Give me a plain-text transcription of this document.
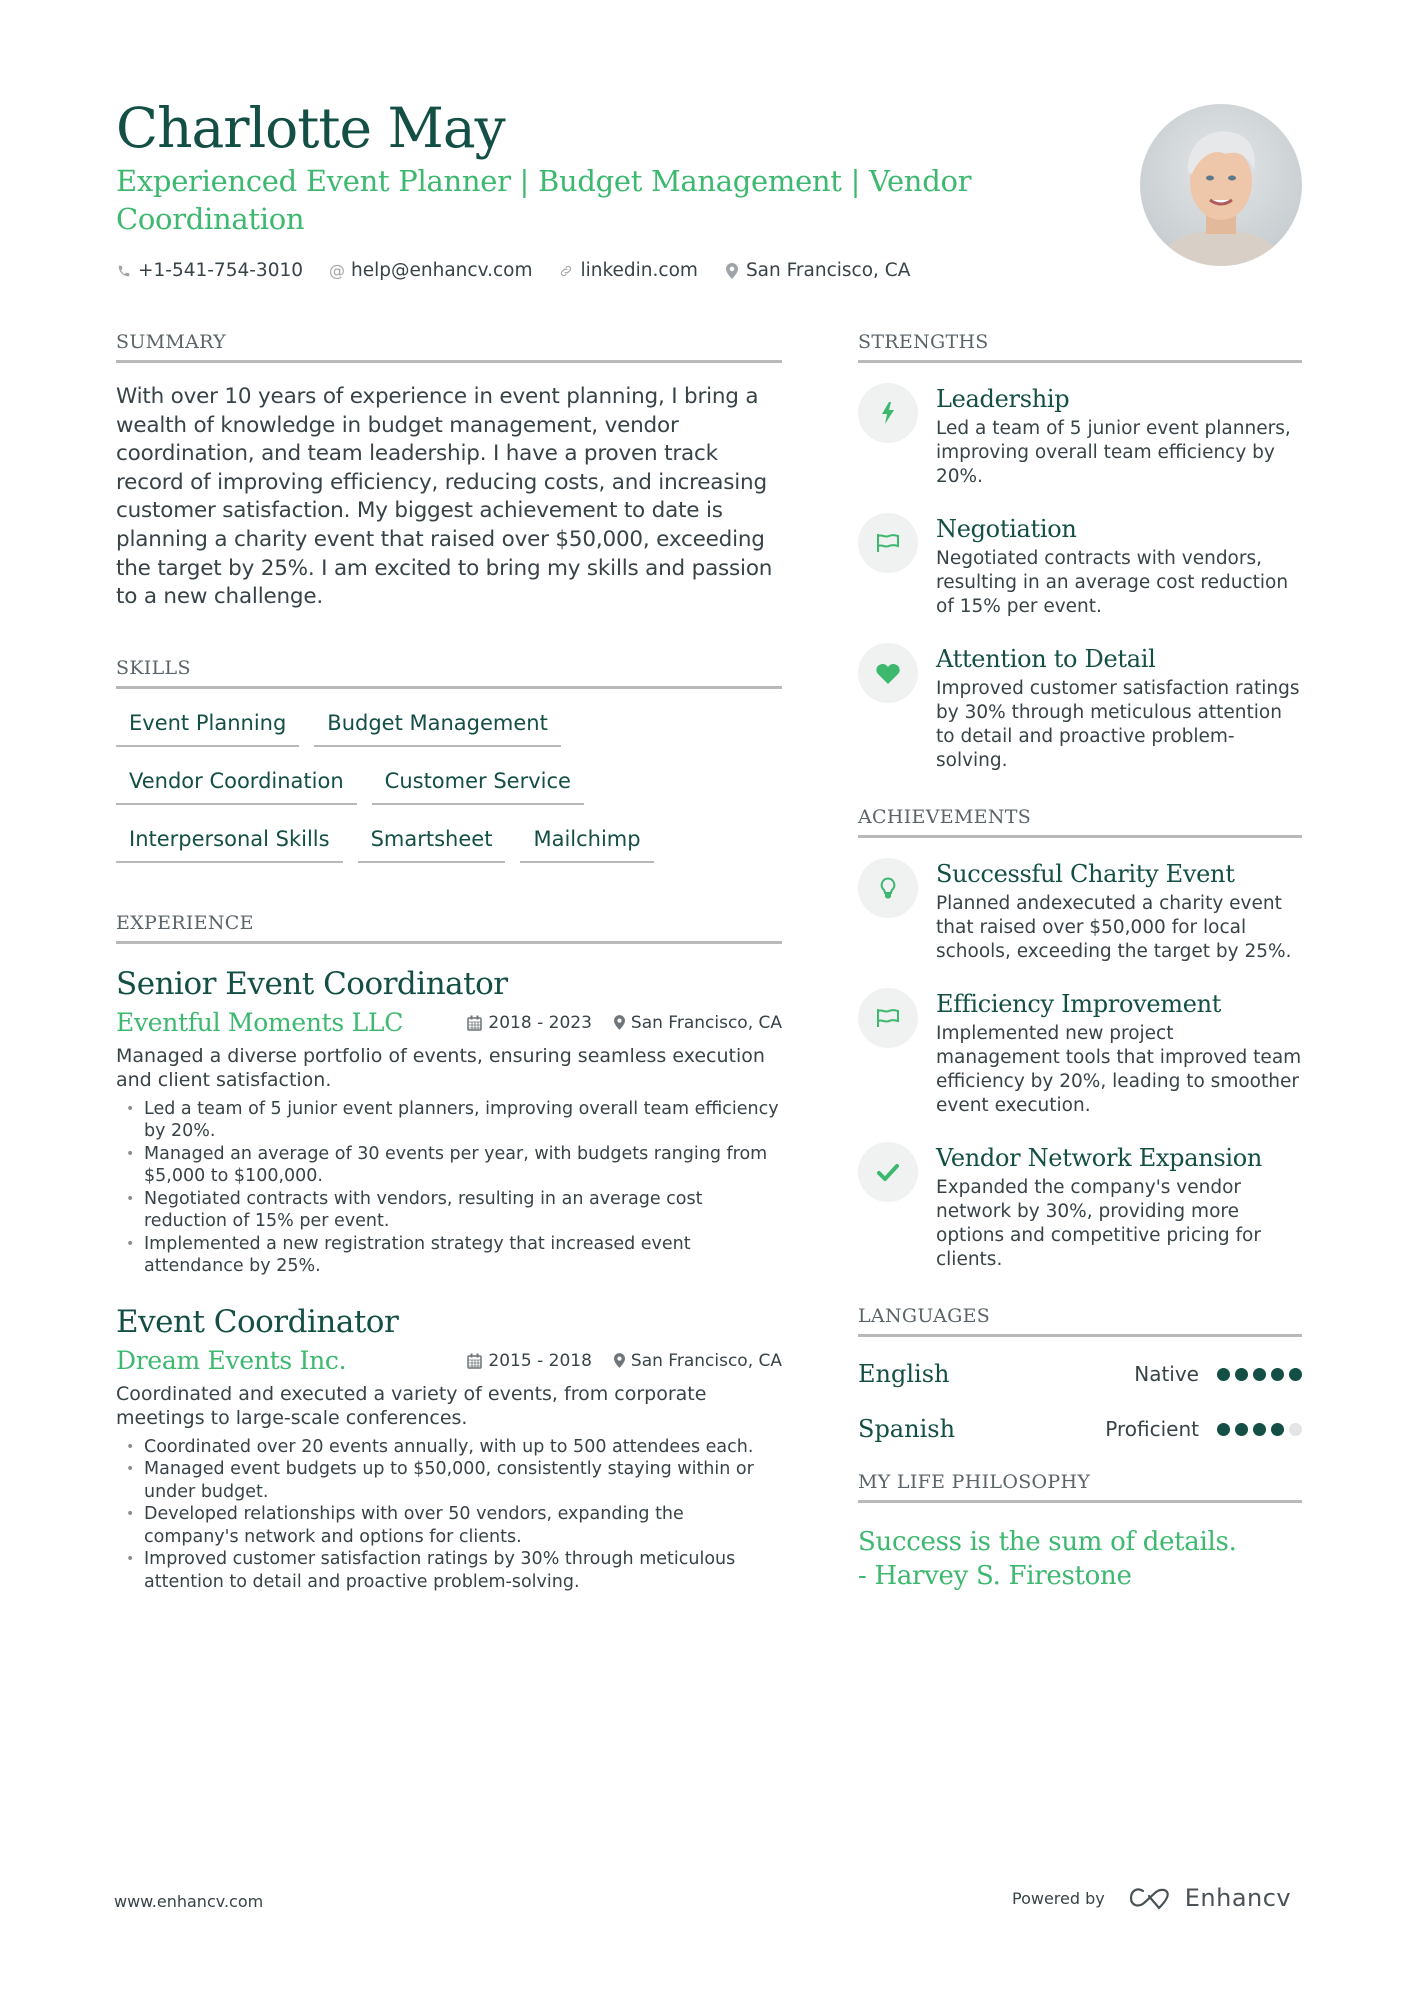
Charlotte May
Experienced Event Planner | Budget Management | Vendor Coordination
+1-541-754-3010 @ help@enhancv.com	linkedin.com	San Francisco, CA
SUMMARY

With over 10 years of experience in event planning, I bring a wealth of knowledge in budget management, vendor coordination, and team leadership. I have a proven track record of improving efficiency, reducing costs, and increasing customer satisfaction. My biggest achievement to date is planning a charity event that raised over $50,000, exceeding the target by 25%. I am excited to bring my skills and passion to a new challenge.

SKILLS
Event Planning	Budget Management
Vendor Coordination	Customer Service
Interpersonal Skills	Smartsheet	Mailchimp
EXPERIENCE
Senior Event Coordinator
Eventful Moments LLC	2018 - 2023 San Francisco, CA

Managed a diverse portfolio of events, ensuring seamless execution and client satisfaction.

• Led a team of 5 junior event planners, improving overall team efficiency by 20%.
• Managed an average of 30 events per year, with budgets ranging from $5,000 to $100,000.
• Negotiated contracts with vendors, resulting in an average cost reduction of 15% per event.
• Implemented a new registration strategy that increased event attendance by 25%.
Event Coordinator
Dream Events Inc.	2015 - 2018 San Francisco, CA

Coordinated and executed a variety of events, from corporate meetings to large-scale conferences.

• Coordinated over 20 events annually, with up to 500 attendees each.
• Managed event budgets up to $50,000, consistently staying within or under budget.
• Developed relationships with over 50 vendors, expanding the company's network and options for clients.
• Improved customer satisfaction ratings by 30% through meticulous attention to detail and proactive problem-solving.
STRENGTHS
Leadership
Led a team of 5 junior event planners, improving overall team efficiency by 20%.
Negotiation
Negotiated contracts with vendors, resulting in an average cost reduction of 15% per event.
Attention to Detail
Improved customer satisfaction ratings by 30% through meticulous attention to detail and proactive problem-solving.
ACHIEVEMENTS
Successful Charity Event
Planned andexecuted a charity event that raised over $50,000 for local schools, exceeding the target by 25%.
Efficiency Improvement
Implemented new project management tools that improved team efficiency by 20%, leading to smoother event execution.
Vendor Network Expansion
Expanded the company's vendor network by 30%, providing more options and competitive pricing for clients.
LANGUAGES
English	Native
Spanish	Proficient
MY LIFE PHILOSOPHY
Success is the sum of details.
- Harvey S. Firestone
www.enhancv.com	Powered by	Enhancv
